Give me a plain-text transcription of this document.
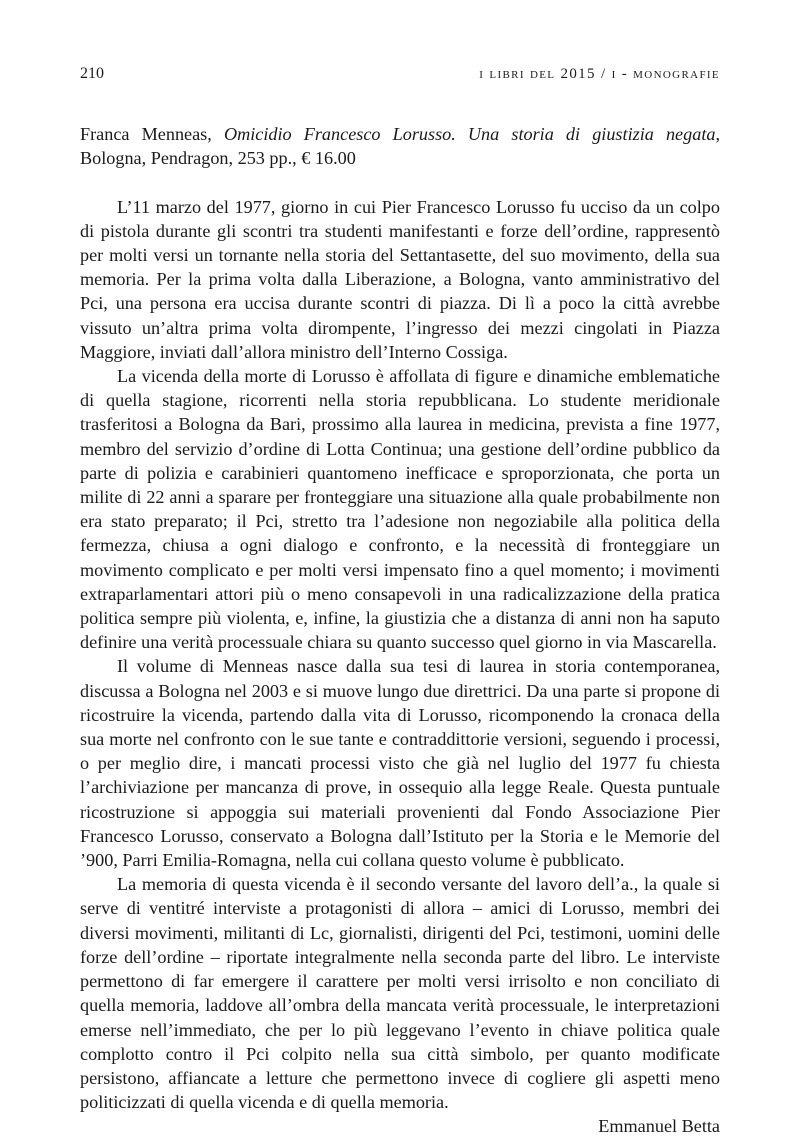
210	i libri del 2015 / i - monografie

Franca Menneas, Omicidio Francesco Lorusso. Una storia di giustizia negata, Bologna, Pendragon, 253 pp., € 16.00

L’11 marzo del 1977, giorno in cui Pier Francesco Lorusso fu ucciso da un colpo di pistola durante gli scontri tra studenti manifestanti e forze dell’ordine, rappresentò per molti versi un tornante nella storia del Settantasette, del suo movimento, della sua memoria. Per la prima volta dalla Liberazione, a Bologna, vanto amministrativo del Pci, una persona era uccisa durante scontri di piazza. Di lì a poco la città avrebbe vissuto un’altra prima volta dirompente, l’ingresso dei mezzi cingolati in Piazza Maggiore, inviati dall’allora ministro dell’Interno Cossiga.

La vicenda della morte di Lorusso è affollata di figure e dinamiche emblematiche di quella stagione, ricorrenti nella storia repubblicana. Lo studente meridionale trasferitosi a Bologna da Bari, prossimo alla laurea in medicina, prevista a fine 1977, membro del servizio d’ordine di Lotta Continua; una gestione dell’ordine pubblico da parte di polizia e carabinieri quantomeno inefficace e sproporzionata, che porta un milite di 22 anni a sparare per fronteggiare una situazione alla quale probabilmente non era stato preparato; il Pci, stretto tra l’adesione non negoziabile alla politica della fermezza, chiusa a ogni dialogo e confronto, e la necessità di fronteggiare un movimento complicato e per molti versi impensato fino a quel momento; i movimenti extraparlamentari attori più o meno consapevoli in una radicalizzazione della pratica politica sempre più violenta, e, infine, la giustizia che a distanza di anni non ha saputo definire una verità processuale chiara su quanto successo quel giorno in via Mascarella.

Il volume di Menneas nasce dalla sua tesi di laurea in storia contemporanea, discussa a Bologna nel 2003 e si muove lungo due direttrici. Da una parte si propone di ricostruire la vicenda, partendo dalla vita di Lorusso, ricomponendo la cronaca della sua morte nel confronto con le sue tante e contraddittorie versioni, seguendo i processi, o per meglio dire, i mancati processi visto che già nel luglio del 1977 fu chiesta l’archiviazione per mancanza di prove, in ossequio alla legge Reale. Questa puntuale ricostruzione si appoggia sui materiali provenienti dal Fondo Associazione Pier Francesco Lorusso, conservato a Bologna dall’Istituto per la Storia e le Memorie del ’900, Parri Emilia-Romagna, nella cui collana questo volume è pubblicato.

La memoria di questa vicenda è il secondo versante del lavoro dell’a., la quale si serve di ventitré interviste a protagonisti di allora – amici di Lorusso, membri dei diversi movimenti, militanti di Lc, giornalisti, dirigenti del Pci, testimoni, uomini delle forze dell’ordine – riportate integralmente nella seconda parte del libro. Le interviste permettono di far emergere il carattere per molti versi irrisolto e non conciliato di quella memoria, laddove all’ombra della mancata verità processuale, le interpretazioni emerse nell’immediato, che per lo più leggevano l’evento in chiave politica quale complotto contro il Pci colpito nella sua città simbolo, per quanto modificate persistono, affiancate a letture che permettono invece di cogliere gli aspetti meno politicizzati di quella vicenda e di quella memoria.

Emmanuel Betta
